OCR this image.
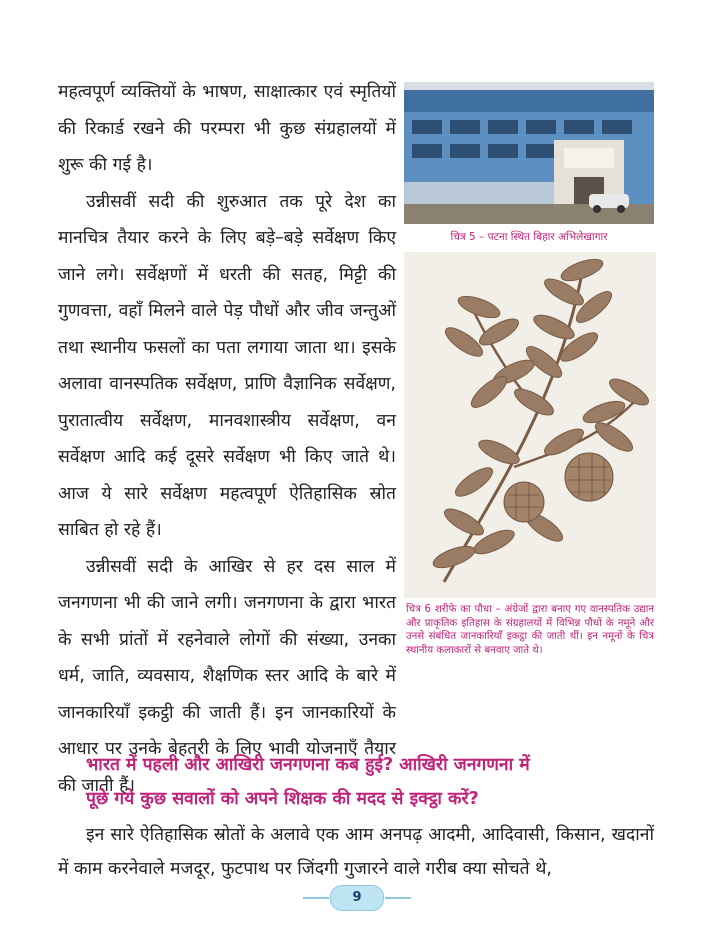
महत्वपूर्ण व्यक्तियों के भाषण, साक्षात्कार एवं स्मृतियों की रिकार्ड रखने की परम्परा भी कुछ संग्रहालयों में शुरू की गई है।

उन्नीसवीं सदी की शुरुआत तक पूरे देश का मानचित्र तैयार करने के लिए बड़े–बड़े सर्वेक्षण किए जाने लगे। सर्वेक्षणों में धरती की सतह, मिट्टी की गुणवत्ता, वहाँ मिलने वाले पेड़ पौधों और जीव जन्तुओं तथा स्थानीय फसलों का पता लगाया जाता था। इसके अलावा वानस्पतिक सर्वेक्षण, प्राणि वैज्ञानिक सर्वेक्षण, पुरातात्वीय सर्वेक्षण, मानवशास्त्रीय सर्वेक्षण, वन सर्वेक्षण आदि कई दूसरे सर्वेक्षण भी किए जाते थे। आज ये सारे सर्वेक्षण महत्वपूर्ण ऐतिहासिक स्रोत साबित हो रहे हैं।

उन्नीसवीं सदी के आखिर से हर दस साल में जनगणना भी की जाने लगी। जनगणना के द्वारा भारत के सभी प्रांतों में रहनेवाले लोगों की संख्या, उनका धर्म, जाति, व्यवसाय, शैक्षणिक स्तर आदि के बारे में जानकारियाँ इकट्ठी की जाती हैं। इन जानकारियों के आधार पर उनके बेहतरी के लिए भावी योजनाएँ तैयार की जाती हैं।

चित्र 5 – पटना स्थित बिहार अभिलेखागार
चित्र 6 शरीफे का पौधा – अंग्रेजों द्वारा बनाए गए वानस्पतिक उद्यान और प्राकृतिक इतिहास के संग्रहालयों में विभिन्न पौधों के नमूने और उनसे संबंधित जानकारियाँ इकट्ठा की जाती थीं। इन नमूनों के चित्र स्थानीय कलाकारों से बनवाए जाते थे।

भारत में पहली और आखिरी जनगणना कब हुई? आखिरी जनगणना में

पूछे गये कुछ सवालों को अपने शिक्षक की मदद से इक्ट्ठा करें?

इन सारे ऐतिहासिक स्रोतों के अलावे एक आम अनपढ़ आदमी, आदिवासी, किसान, खदानों में काम करनेवाले मजदूर, फुटपाथ पर जिंदगी गुजारने वाले गरीब क्या सोचते थे,

9
